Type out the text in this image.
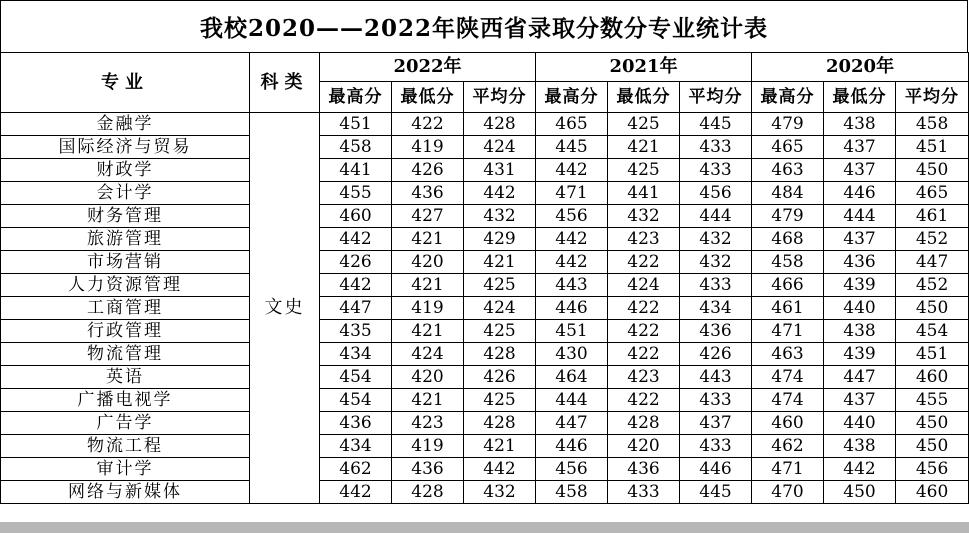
我校2020——2022年陕西省录取分数分专业统计表
专业	科类	2022年			2021年			2020年		
		最高分	最低分	平均分	最高分	最低分	平均分	最高分	最低分	平均分
金融学	文史	451	422	428	465	425	445	479	438	458
国际经济与贸易		458	419	424	445	421	433	465	437	451
财政学		441	426	431	442	425	433	463	437	450
会计学		455	436	442	471	441	456	484	446	465
财务管理		460	427	432	456	432	444	479	444	461
旅游管理		442	421	429	442	423	432	468	437	452
市场营销		426	420	421	442	422	432	458	436	447
人力资源管理		442	421	425	443	424	433	466	439	452
工商管理		447	419	424	446	422	434	461	440	450
行政管理		435	421	425	451	422	436	471	438	454
物流管理		434	424	428	430	422	426	463	439	451
英语		454	420	426	464	423	443	474	447	460
广播电视学		454	421	425	444	422	433	474	437	455
广告学		436	423	428	447	428	437	460	440	450
物流工程		434	419	421	446	420	433	462	438	450
审计学		462	436	442	456	436	446	471	442	456
网络与新媒体		442	428	432	458	433	445	470	450	460
